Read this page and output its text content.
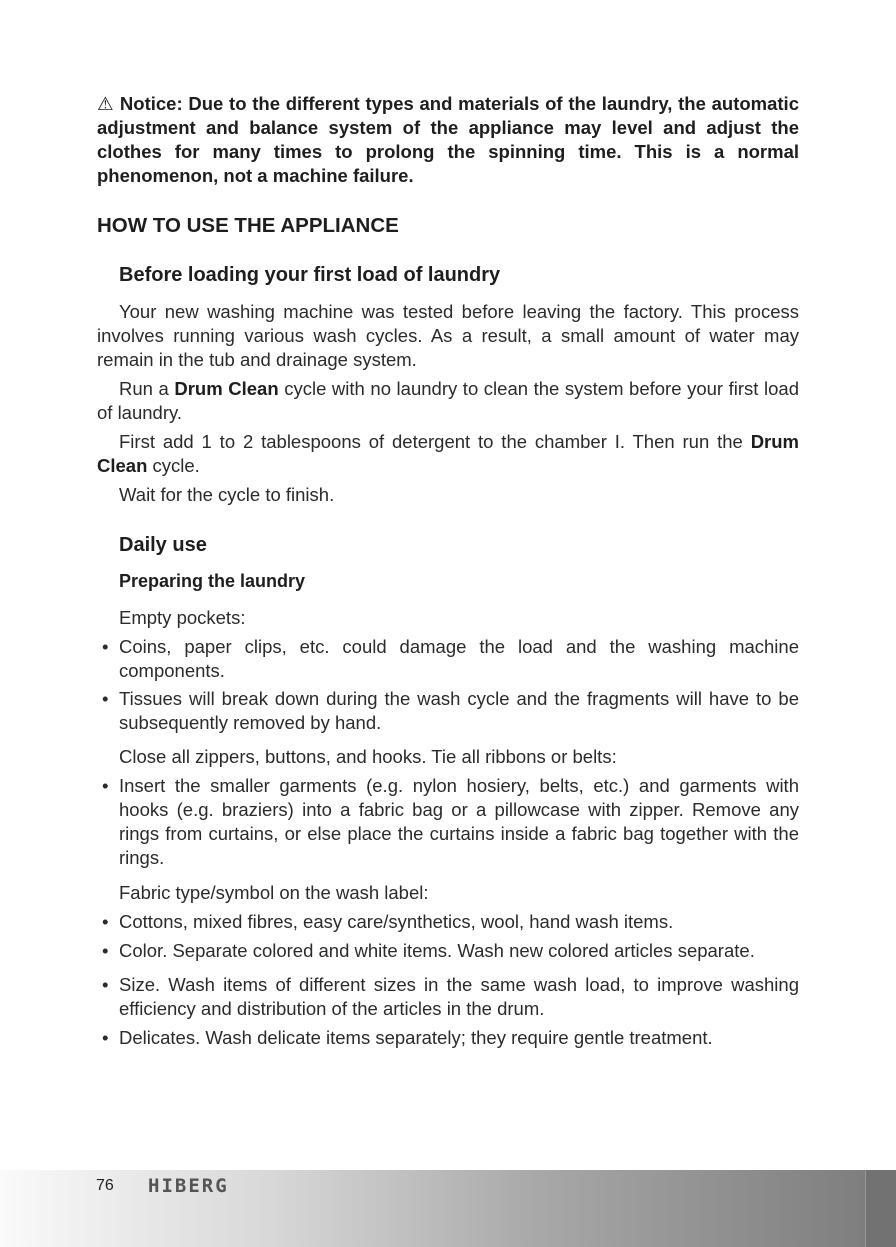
⚠ Notice: Due to the different types and materials of the laundry, the automatic adjustment and balance system of the appliance may level and adjust the clothes for many times to prolong the spinning time. This is a normal phenomenon, not a machine failure.
HOW TO USE THE APPLIANCE
Before loading your first load of laundry
Your new washing machine was tested before leaving the factory. This process involves running various wash cycles. As a result, a small amount of water may remain in the tub and drainage system.
Run a Drum Clean cycle with no laundry to clean the system before your first load of laundry.
First add 1 to 2 tablespoons of detergent to the chamber I. Then run the Drum Clean cycle.
Wait for the cycle to finish.
Daily use
Preparing the laundry
Empty pockets:
• Coins, paper clips, etc. could damage the load and the washing machine components.
• Tissues will break down during the wash cycle and the fragments will have to be subsequently removed by hand.
Close all zippers, buttons, and hooks. Tie all ribbons or belts:
• Insert the smaller garments (e.g. nylon hosiery, belts, etc.) and garments with hooks (e.g. braziers) into a fabric bag or a pillowcase with zipper. Remove any rings from curtains, or else place the curtains inside a fabric bag together with the rings.
Fabric type/symbol on the wash label:
• Cottons, mixed fibres, easy care/synthetics, wool, hand wash items.
• Color. Separate colored and white items. Wash new colored articles separate.
• Size. Wash items of different sizes in the same wash load, to improve washing efficiency and distribution of the articles in the drum.
• Delicates. Wash delicate items separately; they require gentle treatment.
76 HIBERG
